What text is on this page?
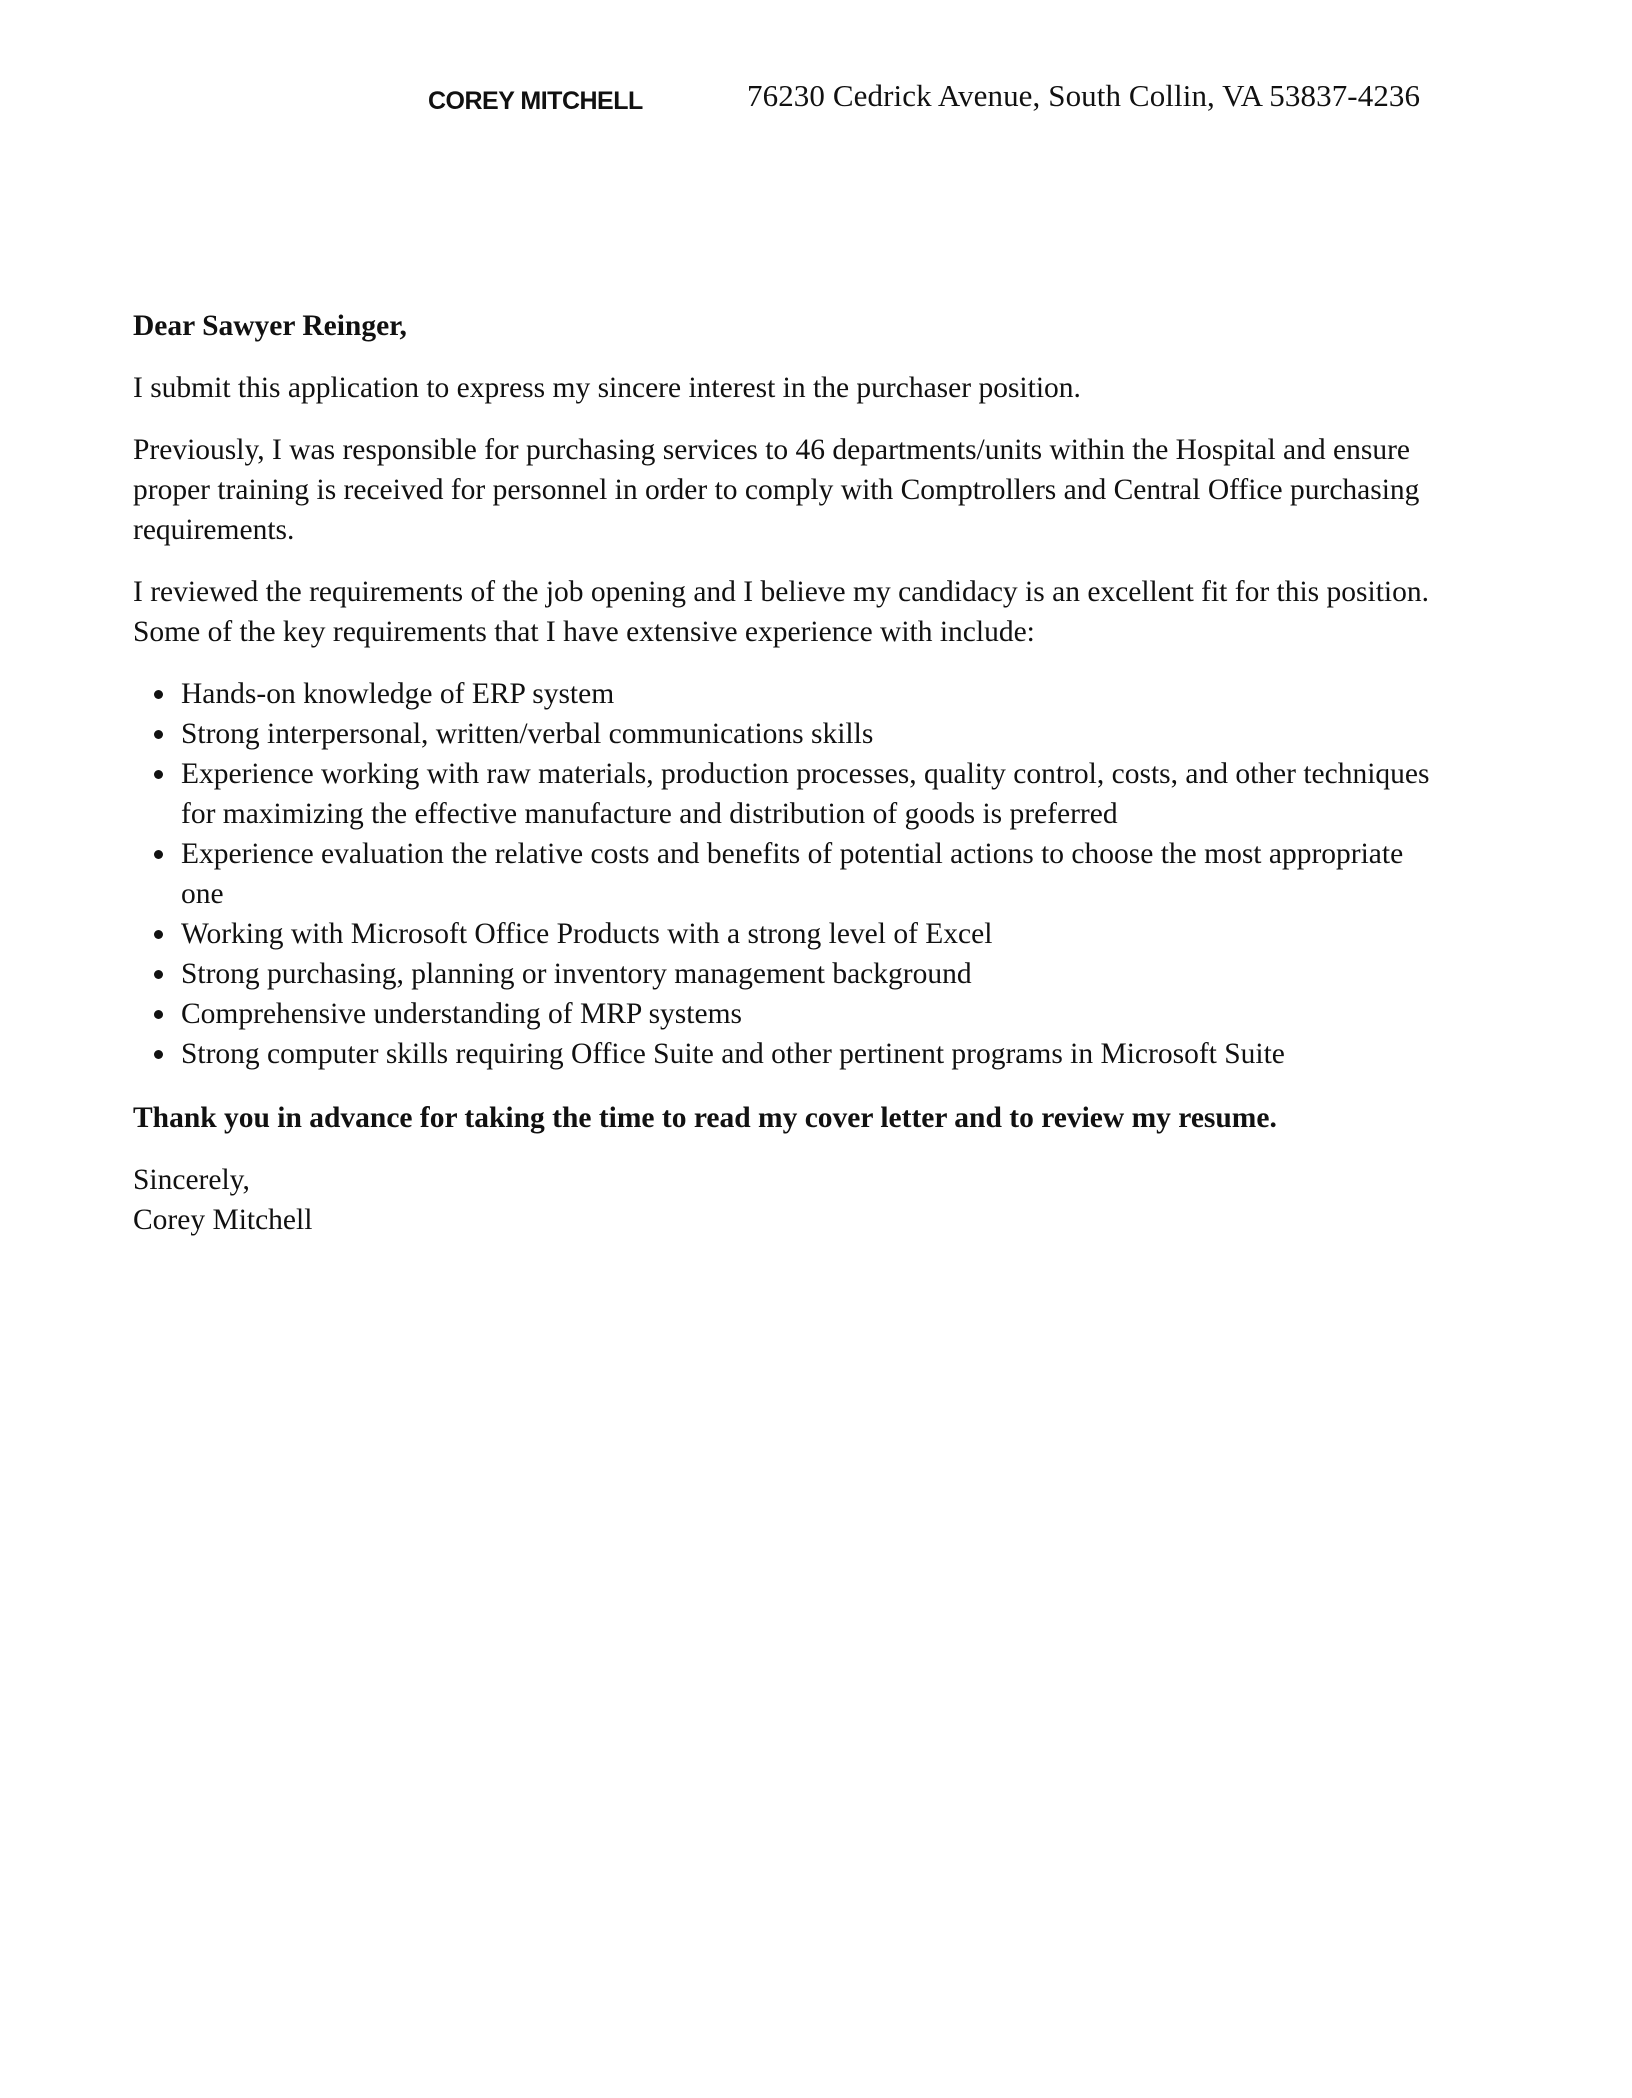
COREY MITCHELL	76230 Cedrick Avenue, South Collin, VA 53837-4236

Dear Sawyer Reinger,

I submit this application to express my sincere interest in the purchaser position.

Previously, I was responsible for purchasing services to 46 departments/units within the Hospital and ensure proper training is received for personnel in order to comply with Comptrollers and Central Office purchasing requirements.

I reviewed the requirements of the job opening and I believe my candidacy is an excellent fit for this position. Some of the key requirements that I have extensive experience with include:

Hands-on knowledge of ERP system
Strong interpersonal, written/verbal communications skills
Experience working with raw materials, production processes, quality control, costs, and other techniques for maximizing the effective manufacture and distribution of goods is preferred
Experience evaluation the relative costs and benefits of potential actions to choose the most appropriate one
Working with Microsoft Office Products with a strong level of Excel
Strong purchasing, planning or inventory management background
Comprehensive understanding of MRP systems
Strong computer skills requiring Office Suite and other pertinent programs in Microsoft Suite

Thank you in advance for taking the time to read my cover letter and to review my resume.

Sincerely,
Corey Mitchell
